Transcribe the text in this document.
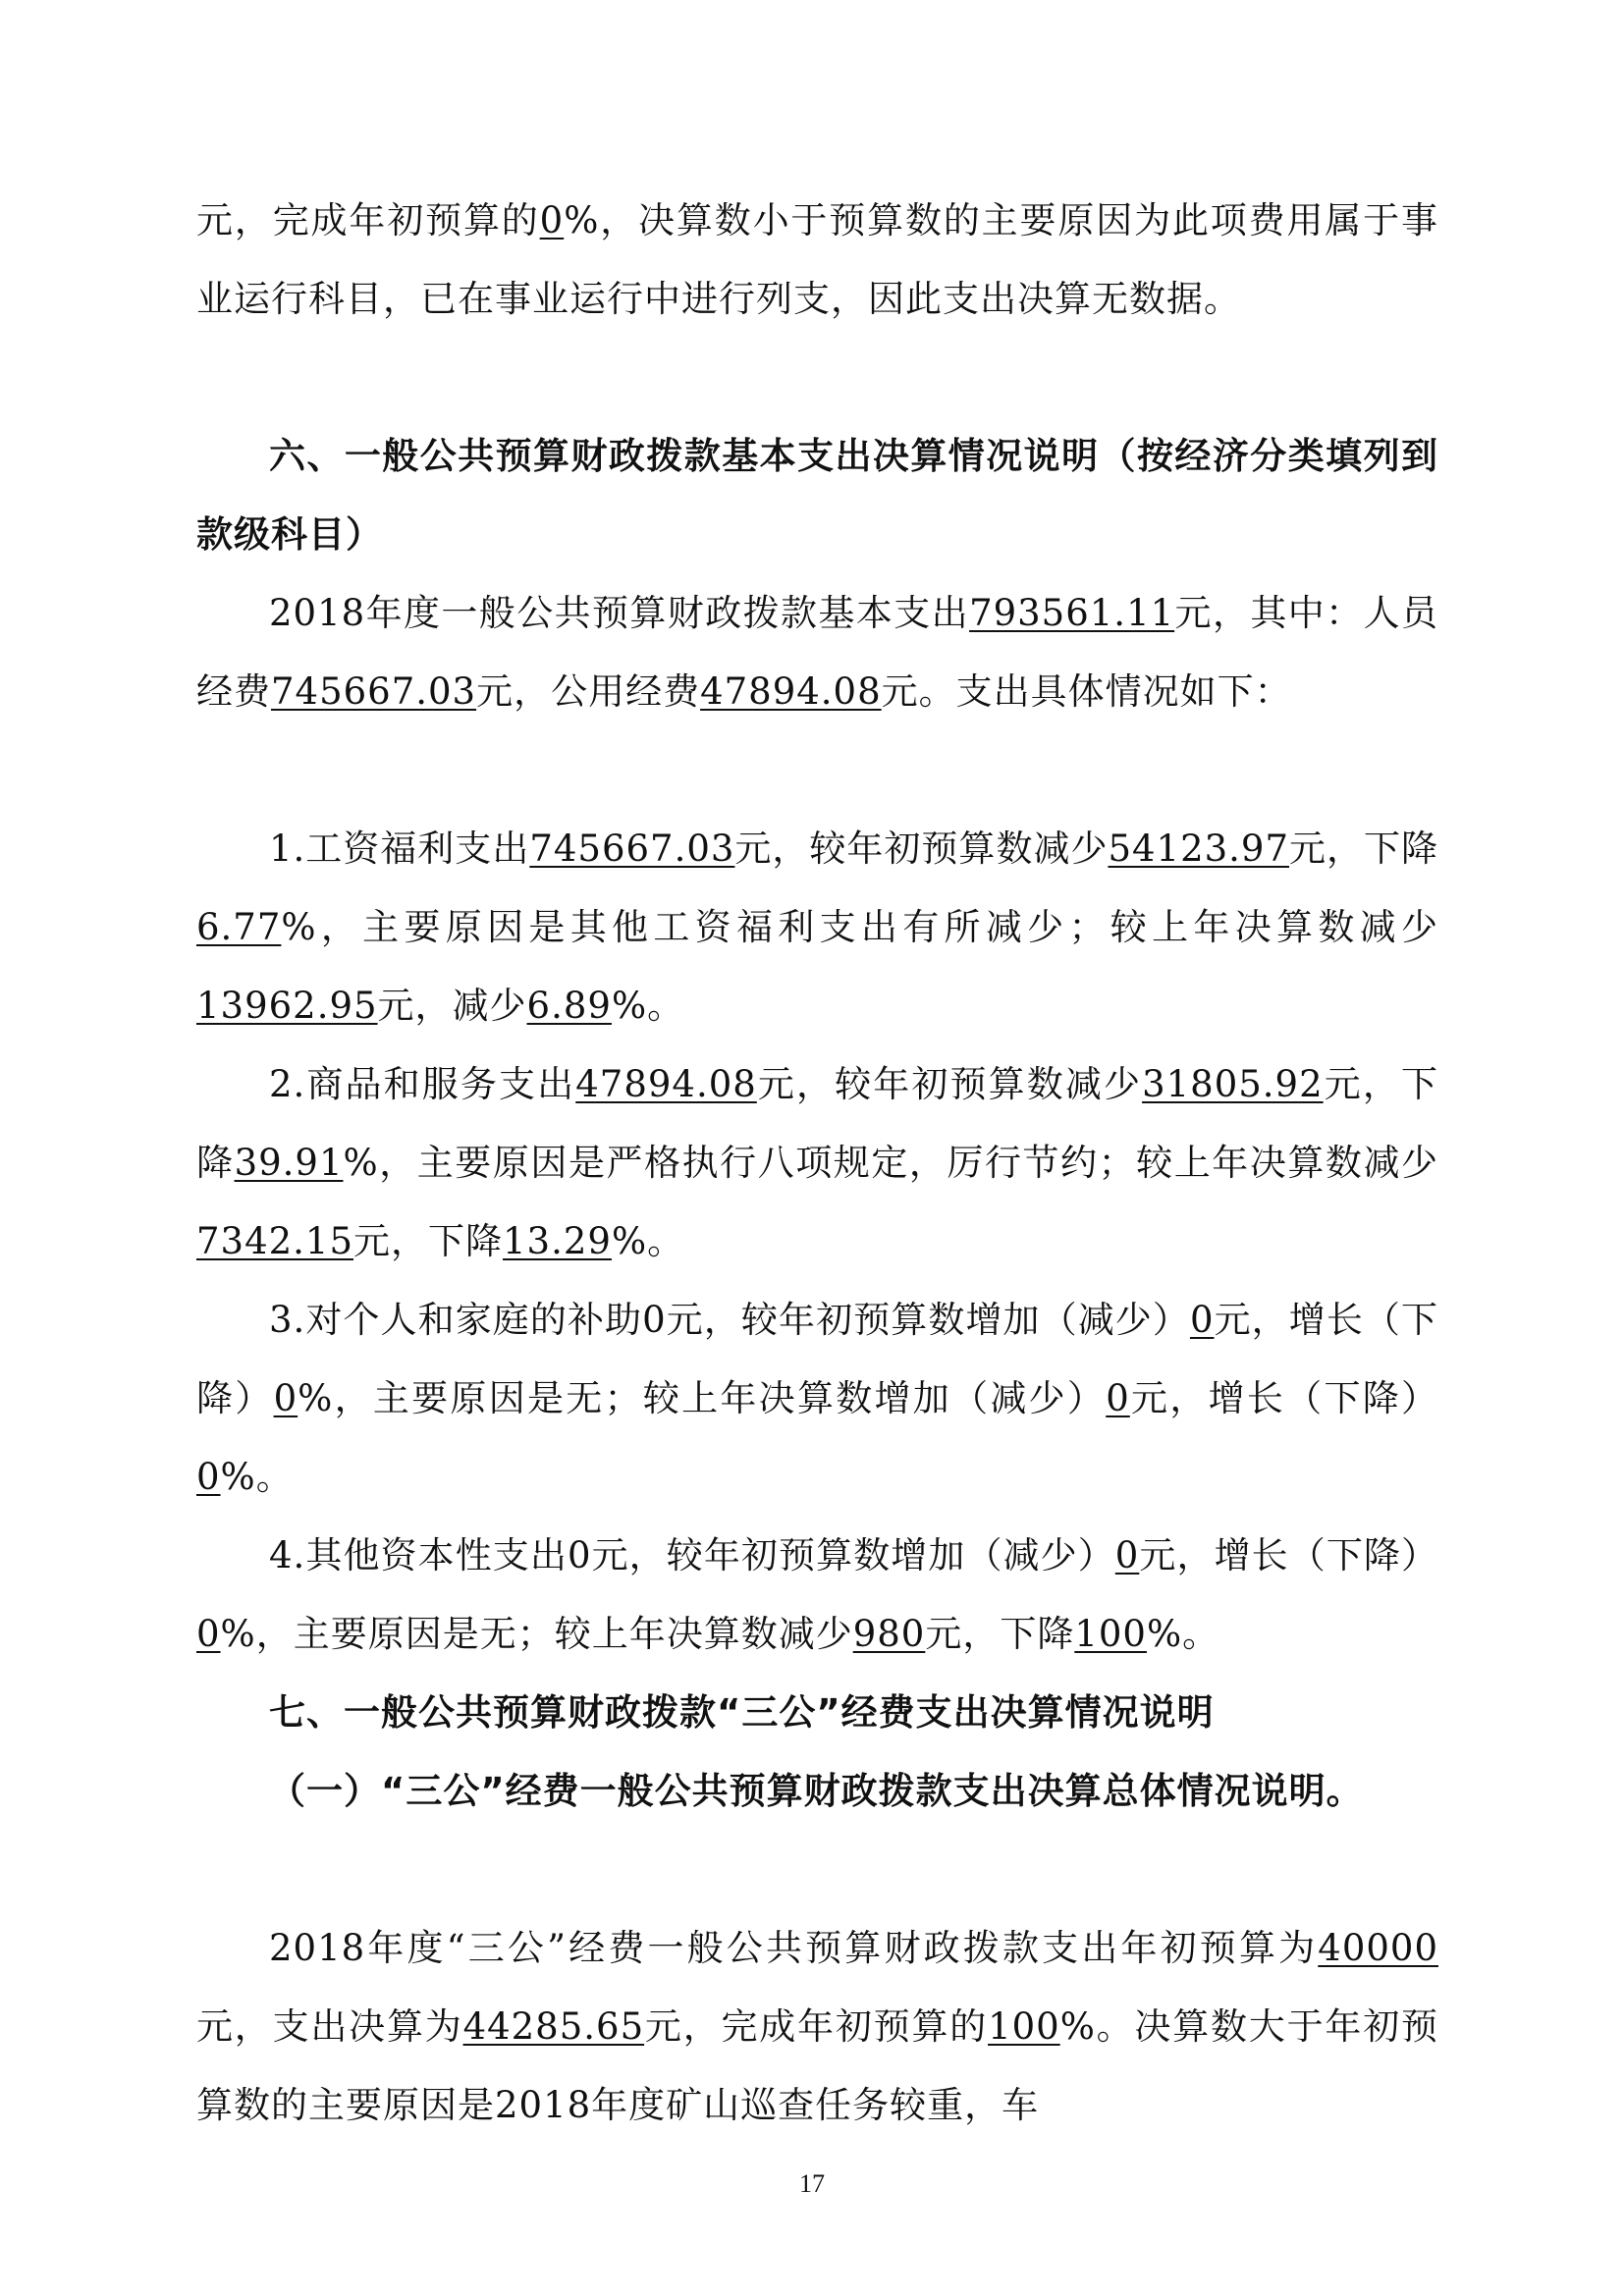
元，完成年初预算的0%，决算数小于预算数的主要原因为此项费用属于事业运行科目，已在事业运行中进行列支，因此支出决算无数据。

六、一般公共预算财政拨款基本支出决算情况说明（按经济分类填列到款级科目）

2018年度一般公共预算财政拨款基本支出793561.11元，其中：人员经费745667.03元，公用经费47894.08元。支出具体情况如下：

1.工资福利支出745667.03元，较年初预算数减少54123.97元，下降6.77%，主要原因是其他工资福利支出有所减少；较上年决算数减少13962.95元，减少6.89%。

2.商品和服务支出47894.08元，较年初预算数减少31805.92元，下降39.91%，主要原因是严格执行八项规定，厉行节约；较上年决算数减少7342.15元，下降13.29%。

3.对个人和家庭的补助0元，较年初预算数增加（减少）0元，增长（下降）0%，主要原因是无；较上年决算数增加（减少）0元，增长（下降）0%。

4.其他资本性支出0元，较年初预算数增加（减少）0元，增长（下降）0%，主要原因是无；较上年决算数减少980元，下降100%。

七、一般公共预算财政拨款“三公”经费支出决算情况说明

（一）“三公”经费一般公共预算财政拨款支出决算总体情况说明。

2018年度“三公”经费一般公共预算财政拨款支出年初预算为40000元，支出决算为44285.65元，完成年初预算的100%。决算数大于年初预算数的主要原因是2018年度矿山巡查任务较重，车

17
